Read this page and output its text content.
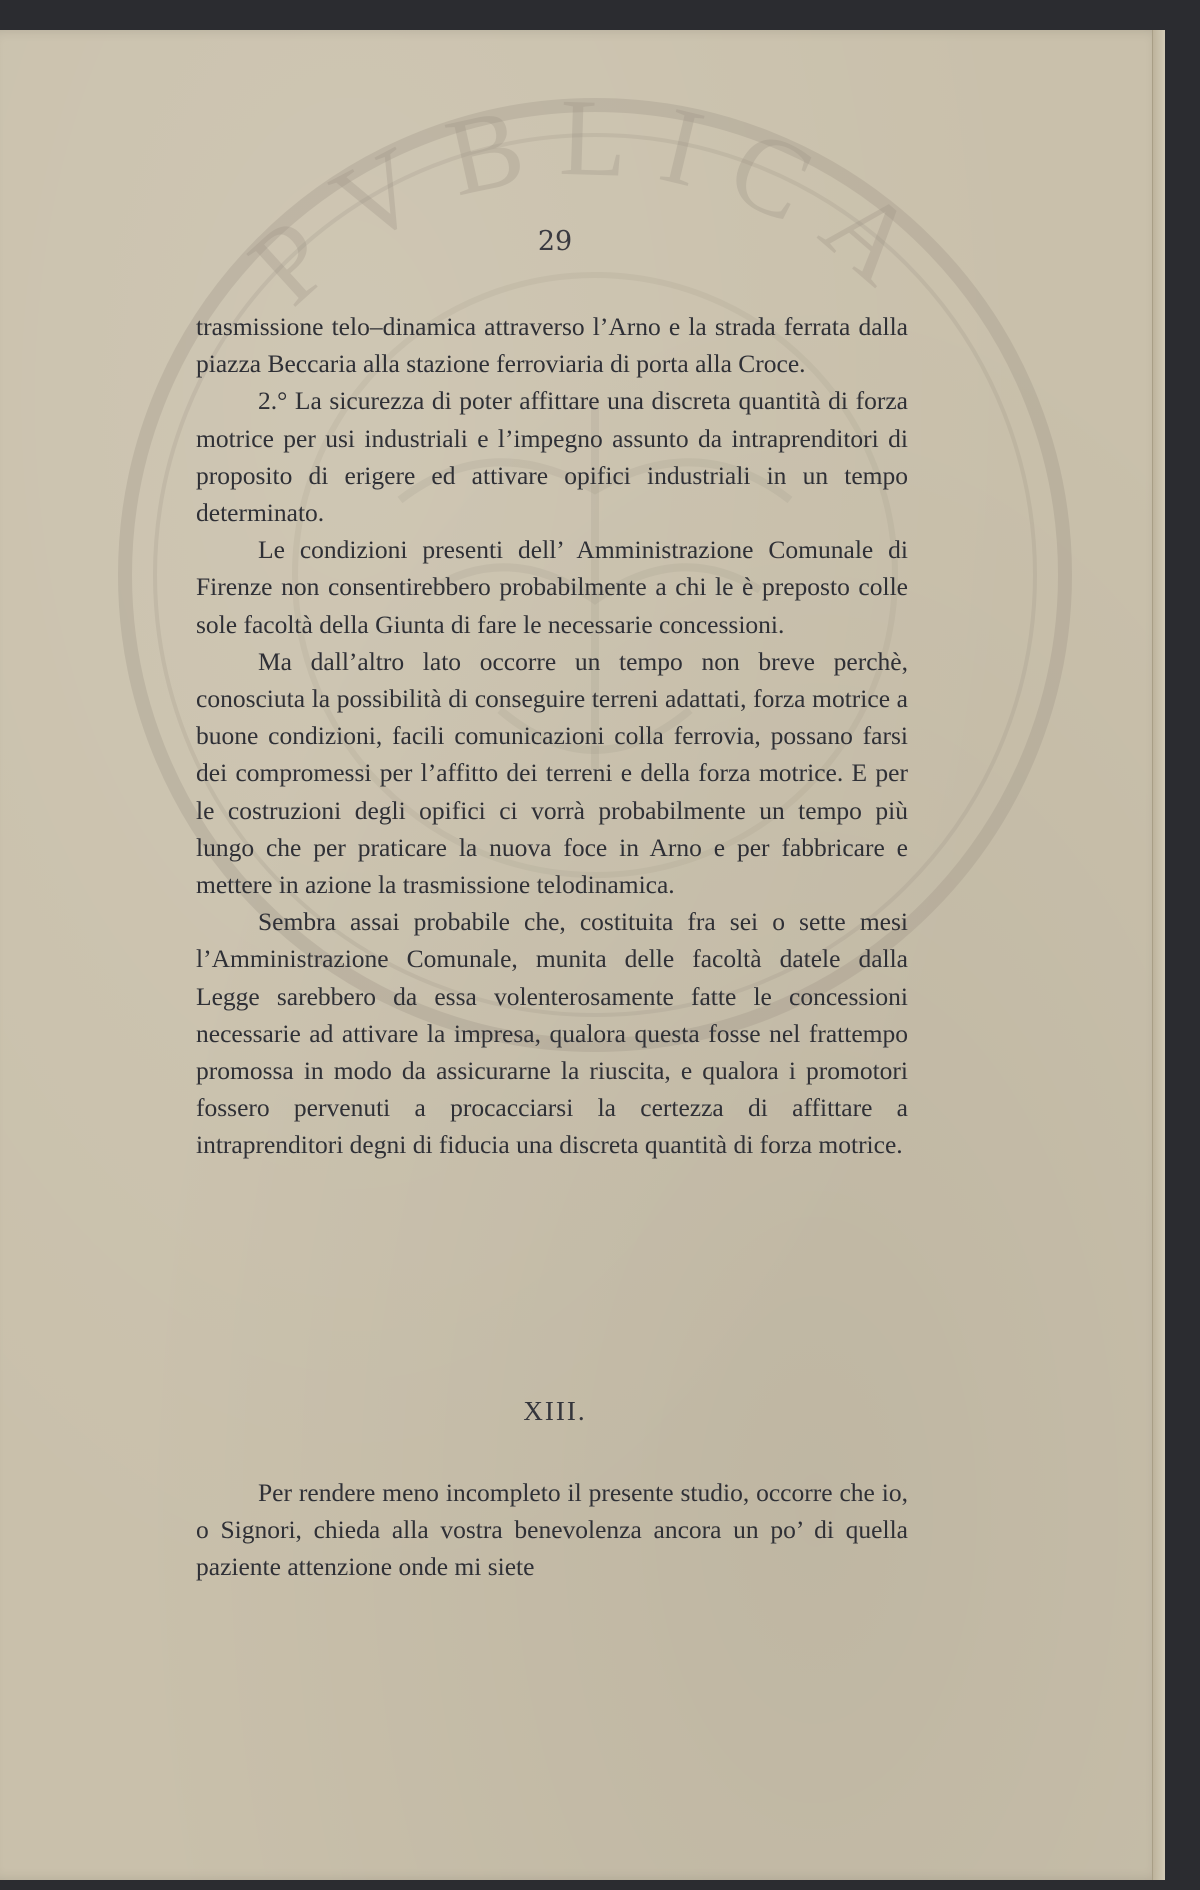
PVBLICA
29

trasmissione telo–dinamica attraverso l’Arno e la strada ferrata dalla piazza Beccaria alla stazione ferroviaria di porta alla Croce.

2.° La sicurezza di poter affittare una discreta quantità di forza motrice per usi industriali e l’impegno assunto da intraprenditori di proposito di erigere ed attivare opifici industriali in un tempo determinato.

Le condizioni presenti dell’ Amministrazione Comunale di Firenze non consentirebbero probabilmente a chi le è preposto colle sole facoltà della Giunta di fare le necessarie concessioni.

Ma dall’altro lato occorre un tempo non breve perchè, conosciuta la possibilità di conseguire terreni adattati, forza motrice a buone condizioni, facili comunicazioni colla ferrovia, possano farsi dei compromessi per l’affitto dei terreni e della forza motrice. E per le costruzioni degli opifici ci vorrà probabilmente un tempo più lungo che per praticare la nuova foce in Arno e per fabbricare e mettere in azione la trasmissione telodinamica.

Sembra assai probabile che, costituita fra sei o sette mesi l’Amministrazione Comunale, munita delle facoltà datele dalla Legge sarebbero da essa volenterosamente fatte le concessioni necessarie ad attivare la impresa, qualora questa fosse nel frattempo promossa in modo da assicurarne la riuscita, e qualora i promotori fossero pervenuti a procacciarsi la certezza di affittare a intraprenditori degni di fiducia una discreta quantità di forza motrice.

XIII.

Per rendere meno incompleto il presente studio, occorre che io, o Signori, chieda alla vostra benevolenza ancora un po’ di quella paziente attenzione onde mi siete
